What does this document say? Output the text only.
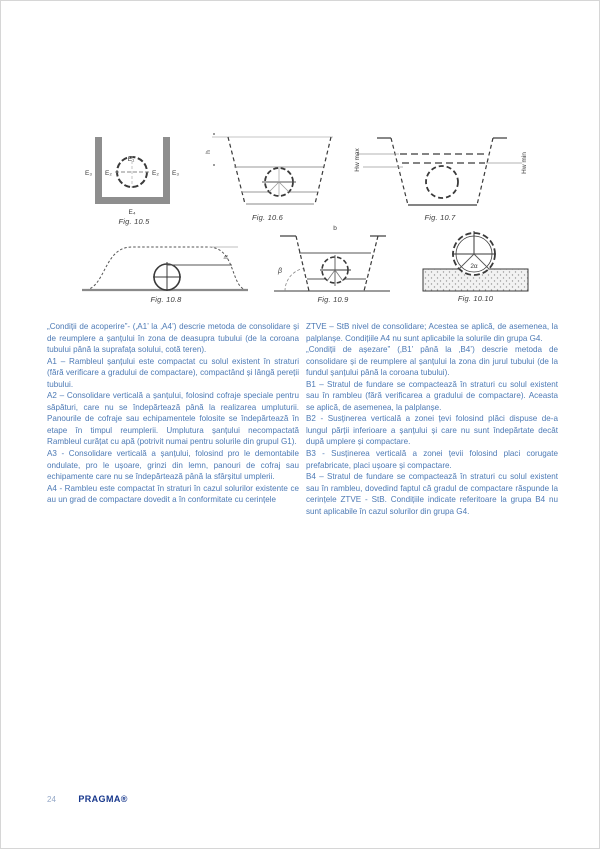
E₁
E₃ E₂	E₂ E₃
E₄
Fig. 10.5
h
Fig. 10.6
Hw max	Hw min
Fig. 10.7
h
Fig. 10.8
b
β
Fig. 10.9
2α
Fig. 10.10

„Condiții de acoperire”- (‚A1’ la ‚A4’) descrie metoda de consolidare și de reumplere a șanțului în zona de deasupra tubului (de la coroana tubului până la suprafața solului, cotă teren).

A1 – Rambleul șanțului este compactat cu solul existent în straturi (fără verificare a gradului de compactare), compactând și lângă pereții tubului.

A2 – Consolidare verticală a șanțului, folosind cofraje speciale pentru săpături, care nu se îndepărtează până la realizarea umpluturii. Panourile de cofraje sau echipamentele folosite se îndepărtează în etape în timpul reumplerii. Umplutura șanțului necompactată Rambleul curățat cu apă (potrivit numai pentru solurile din grupul G1).

A3 - Consolidare verticală a șanțului, folosind pro le demontabile ondulate, pro le ușoare, grinzi din lemn, panouri de cofraj sau echipamente care nu se îndepărtează până la sfârșitul umplerii.

A4 - Rambleu este compactat în straturi în cazul solurilor existente ce au un grad de compactare dovedit a în conformitate cu cerințele

ZTVE – StB nivel de consolidare; Acestea se aplică, de asemenea, la palplanșe. Condițiile A4 nu sunt aplicabile la solurile din grupa G4.

„Condiții de așezare” (‚B1’ până la ‚B4’) descrie metoda de consolidare și de reumplere al șanțului la zona din jurul tubului (de la fundul șanțului până la coroana tubului).

B1 – Stratul de fundare se compactează în straturi cu solul existent sau în rambleu (fără verificarea a gradului de compactare). Aceasta se aplică, de asemenea, la palplanșe.

B2 - Susținerea verticală a zonei țevi folosind plăci dispuse de-a lungul părții inferioare a șanțului și care nu sunt îndepărtate decât după umplere și compactare.

B3 - Susținerea verticală a zonei țevii folosind placi corugate prefabricate, placi ușoare și compactare.

B4 – Stratul de fundare se compactează în straturi cu solul existent sau în rambleu, dovedind faptul că gradul de compactare răspunde la cerințele ZTVE - StB. Condițiile indicate referitoare la grupa B4 nu sunt aplicabile în cazul solurilor din grupa G4.

24 PRAGMA®
